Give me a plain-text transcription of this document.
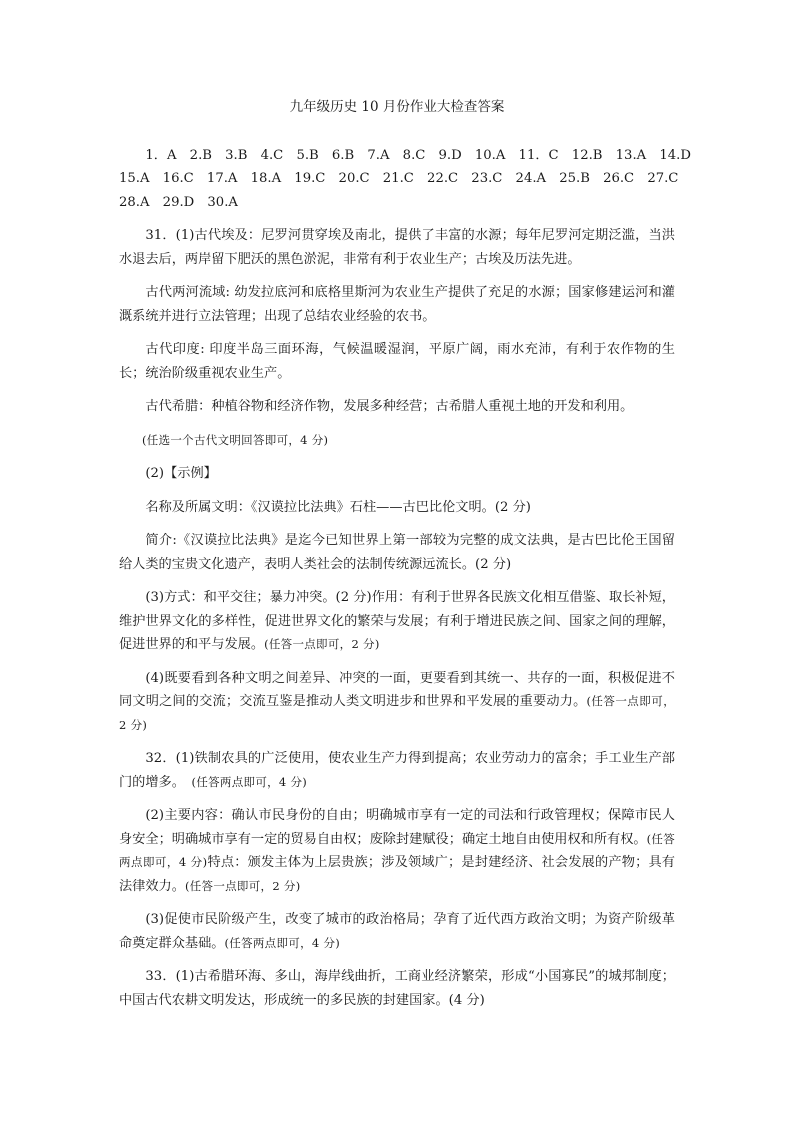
九年级历史 10 月份作业大检查答案
1．A　2.B　3.B　4.C　5.B　6.B　7.A　8.C　9.D　10.A　11．C　12.B　13.A　14.D
15.A　16.C　17.A　18.A　19.C　20.C　21.C　22.C　23.C　24.A　25.B　26.C　27.C
28.A　29.D　30.A

31．(1)古代埃及：尼罗河贯穿埃及南北，提供了丰富的水源；每年尼罗河定期泛滥，当洪水退去后，两岸留下肥沃的黑色淤泥，非常有利于农业生产；古埃及历法先进。

古代两河流域: 幼发拉底河和底格里斯河为农业生产提供了充足的水源；国家修建运河和灌溉系统并进行立法管理；出现了总结农业经验的农书。

古代印度: 印度半岛三面环海，气候温暖湿润，平原广阔，雨水充沛，有利于农作物的生长；统治阶级重视农业生产。

古代希腊：种植谷物和经济作物，发展多种经营；古希腊人重视土地的开发和利用。

(任选一个古代文明回答即可，4 分)

(2)【示例】

名称及所属文明：《汉谟拉比法典》石柱——古巴比伦文明。(2 分)

简介:《汉谟拉比法典》是迄今已知世界上第一部较为完整的成文法典，是古巴比伦王国留给人类的宝贵文化遗产，表明人类社会的法制传统源远流长。(2 分)

(3)方式：和平交往；暴力冲突。(2 分)作用：有利于世界各民族文化相互借鉴、取长补短，维护世界文化的多样性，促进世界文化的繁荣与发展；有利于增进民族之间、国家之间的理解，促进世界的和平与发展。(任答一点即可，2 分)

(4)既要看到各种文明之间差异、冲突的一面，更要看到其统一、共存的一面，积极促进不同文明之间的交流；交流互鉴是推动人类文明进步和世界和平发展的重要动力。(任答一点即可，2 分)

32．(1)铁制农具的广泛使用，使农业生产力得到提高；农业劳动力的富余；手工业生产部门的增多。　 (任答两点即可，4 分)

(2)主要内容：确认市民身份的自由；明确城市享有一定的司法和行政管理权；保障市民人身安全；明确城市享有一定的贸易自由权；废除封建赋役；确定土地自由使用权和所有权。(任答两点即可，4 分)特点：颁发主体为上层贵族；涉及领域广；是封建经济、社会发展的产物；具有法律效力。(任答一点即可，2 分)

(3)促使市民阶级产生，改变了城市的政治格局；孕育了近代西方政治文明；为资产阶级革命奠定群众基础。(任答两点即可，4 分)

33．(1)古希腊环海、多山，海岸线曲折，工商业经济繁荣，形成“小国寡民”的城邦制度；中国古代农耕文明发达，形成统一的多民族的封建国家。(4 分)
